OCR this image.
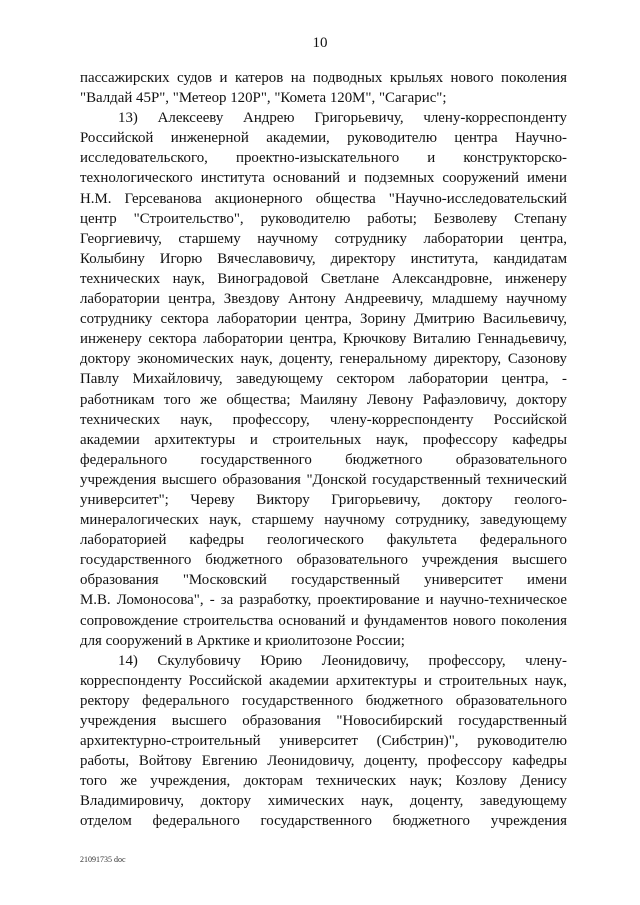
10
пассажирских судов и катеров на подводных крыльях нового поколения
"Валдай 45Р", "Метеор 120Р", "Комета 120М", "Сагарис";
13) Алексееву Андрею Григорьевичу, члену-корреспонденту
Российской инженерной академии, руководителю центра Научно-
исследовательского, проектно-изыскательного и конструкторско-
технологического института оснований и подземных сооружений имени
Н.М. Герсеванова акционерного общества "Научно-исследовательский
центр "Строительство", руководителю работы; Безволеву Степану
Георгиевичу, старшему научному сотруднику лаборатории центра,
Колыбину Игорю Вячеславовичу, директору института, кандидатам
технических наук, Виноградовой Светлане Александровне, инженеру
лаборатории центра, Звездову Антону Андреевичу, младшему научному
сотруднику сектора лаборатории центра, Зорину Дмитрию Васильевичу,
инженеру сектора лаборатории центра, Крючкову Виталию Геннадьевичу,
доктору экономических наук, доценту, генеральному директору, Сазонову
Павлу Михайловичу, заведующему сектором лаборатории центра, -
работникам того же общества; Маиляну Левону Рафаэловичу, доктору
технических наук, профессору, члену-корреспонденту Российской
академии архитектуры и строительных наук, профессору кафедры
федерального государственного бюджетного образовательного
учреждения высшего образования "Донской государственный технический
университет"; Череву Виктору Григорьевичу, доктору геолого-
минералогических наук, старшему научному сотруднику, заведующему
лабораторией кафедры геологического факультета федерального
государственного бюджетного образовательного учреждения высшего
образования "Московский государственный университет имени
М.В. Ломоносова", - за разработку, проектирование и научно-техническое
сопровождение строительства оснований и фундаментов нового поколения
для сооружений в Арктике и криолитозоне России;
14) Скулубовичу Юрию Леонидовичу, профессору, члену-
корреспонденту Российской академии архитектуры и строительных наук,
ректору федерального государственного бюджетного образовательного
учреждения высшего образования "Новосибирский государственный
архитектурно-строительный университет (Сибстрин)", руководителю
работы, Войтову Евгению Леонидовичу, доценту, профессору кафедры
того же учреждения, докторам технических наук; Козлову Денису
Владимировичу, доктору химических наук, доценту, заведующему
отделом федерального государственного бюджетного учреждения
21091735 doc
